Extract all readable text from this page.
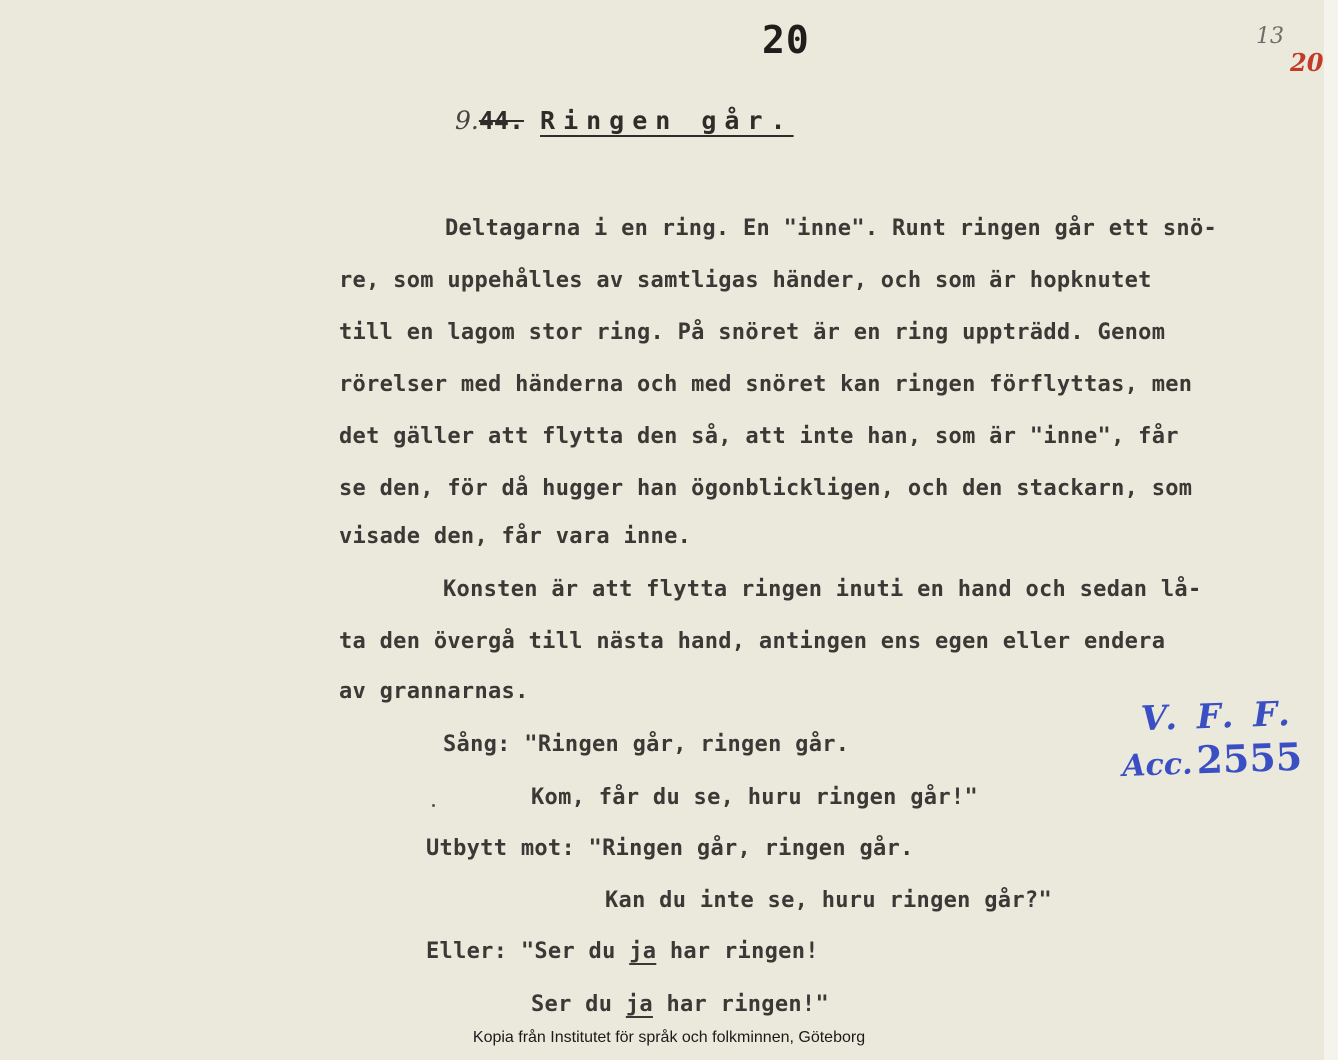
20	13
20
9.44. Ringen går.
Deltagarna i en ring. En "inne". Runt ringen går ett snö-
re, som uppehålles av samtligas händer, och som är hopknutet
till en lagom stor ring. På snöret är en ring uppträdd. Genom
rörelser med händerna och med snöret kan ringen förflyttas, men
det gäller att flytta den så, att inte han, som är "inne", får
se den, för då hugger han ögonblickligen, och den stackarn, som
visade den, får vara inne.
Konsten är att flytta ringen inuti en hand och sedan lå-
ta den övergå till nästa hand, antingen ens egen eller endera
av grannarnas.
Sång: "Ringen går, ringen går.
Kom, får du se, huru ringen går!"
Utbytt mot: "Ringen går, ringen går.
Kan du inte se, huru ringen går?"
Eller: "Ser du ja har ringen!
Ser du ja har ringen!"
V. F. F.
Acc.2555
Kopia från Institutet för språk och folkminnen, Göteborg
